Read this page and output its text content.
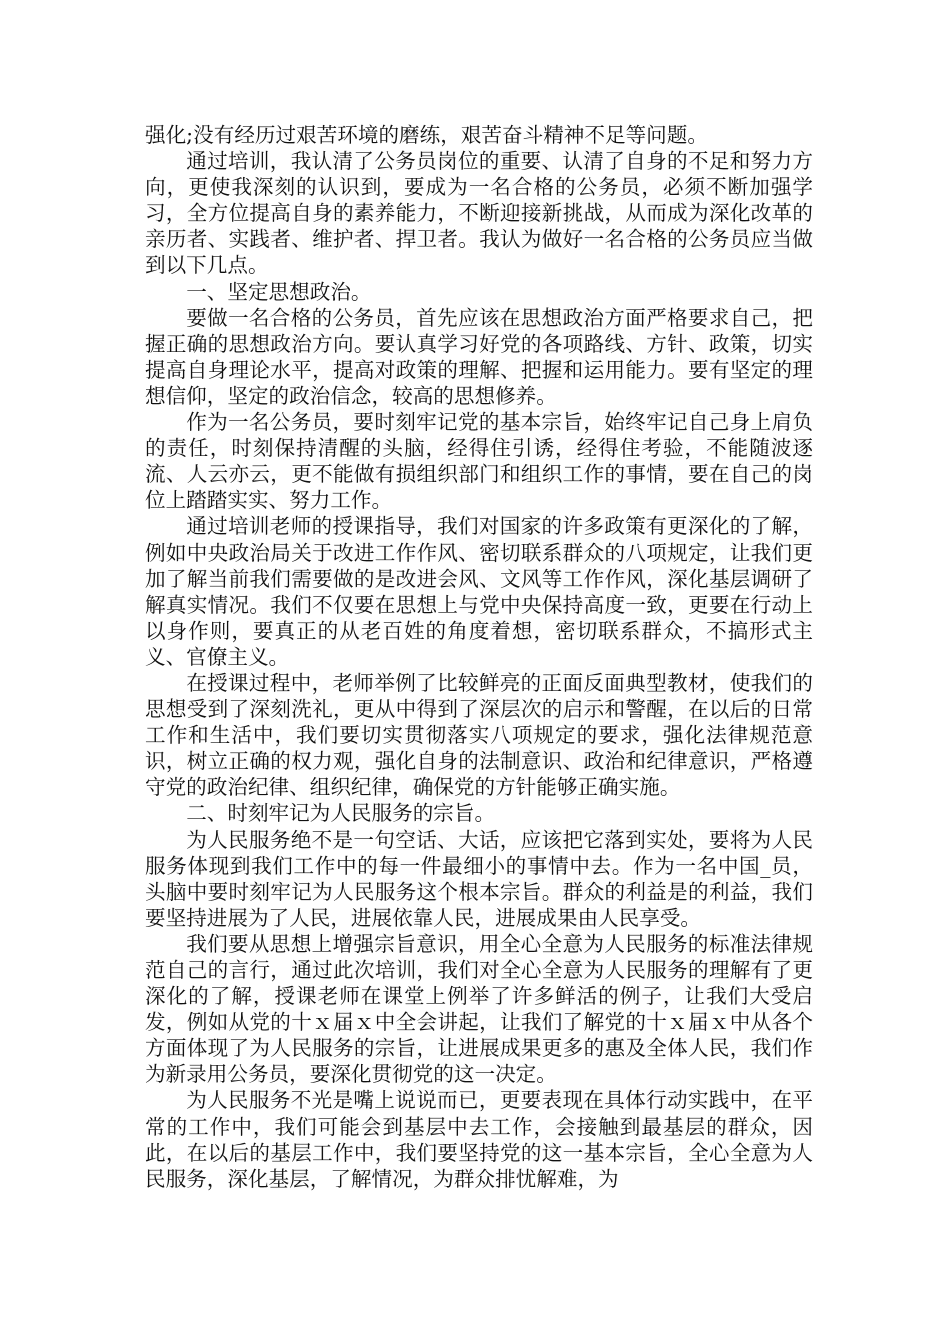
强化;没有经历过艰苦环境的磨练，艰苦奋斗精神不足等问题。

通过培训，我认清了公务员岗位的重要、认清了自身的不足和努力方向，更使我深刻的认识到，要成为一名合格的公务员，必须不断加强学习，全方位提高自身的素养能力，不断迎接新挑战，从而成为深化改革的亲历者、实践者、维护者、捍卫者。我认为做好一名合格的公务员应当做到以下几点。

一、坚定思想政治。

要做一名合格的公务员，首先应该在思想政治方面严格要求自己，把握正确的思想政治方向。要认真学习好党的各项路线、方针、政策，切实提高自身理论水平，提高对政策的理解、把握和运用能力。要有坚定的理想信仰，坚定的政治信念，较高的思想修养。

作为一名公务员，要时刻牢记党的基本宗旨，始终牢记自己身上肩负的责任，时刻保持清醒的头脑，经得住引诱，经得住考验，不能随波逐流、人云亦云，更不能做有损组织部门和组织工作的事情，要在自己的岗位上踏踏实实、努力工作。

通过培训老师的授课指导，我们对国家的许多政策有更深化的了解，例如中央政治局关于改进工作作风、密切联系群众的八项规定，让我们更加了解当前我们需要做的是改进会风、文风等工作作风，深化基层调研了解真实情况。我们不仅要在思想上与党中央保持高度一致，更要在行动上以身作则，要真正的从老百姓的角度着想，密切联系群众，不搞形式主义、官僚主义。

在授课过程中，老师举例了比较鲜亮的正面反面典型教材，使我们的思想受到了深刻洗礼，更从中得到了深层次的启示和警醒，在以后的日常工作和生活中，我们要切实贯彻落实八项规定的要求，强化法律规范意识，树立正确的权力观，强化自身的法制意识、政治和纪律意识，严格遵守党的政治纪律、组织纪律，确保党的方针能够正确实施。

二、时刻牢记为人民服务的宗旨。

为人民服务绝不是一句空话、大话，应该把它落到实处，要将为人民服务体现到我们工作中的每一件最细小的事情中去。作为一名中国_员，头脑中要时刻牢记为人民服务这个根本宗旨。群众的利益是的利益，我们要坚持进展为了人民，进展依靠人民，进展成果由人民享受。

我们要从思想上增强宗旨意识，用全心全意为人民服务的标准法律规范自己的言行，通过此次培训，我们对全心全意为人民服务的理解有了更深化的了解，授课老师在课堂上例举了许多鲜活的例子，让我们大受启发，例如从党的十ｘ届ｘ中全会讲起，让我们了解党的十ｘ届ｘ中从各个方面体现了为人民服务的宗旨，让进展成果更多的惠及全体人民，我们作为新录用公务员，要深化贯彻党的这一决定。

为人民服务不光是嘴上说说而已，更要表现在具体行动实践中，在平常的工作中，我们可能会到基层中去工作，会接触到最基层的群众，因此，在以后的基层工作中，我们要坚持党的这一基本宗旨，全心全意为人民服务，深化基层，了解情况，为群众排忧解难，为
